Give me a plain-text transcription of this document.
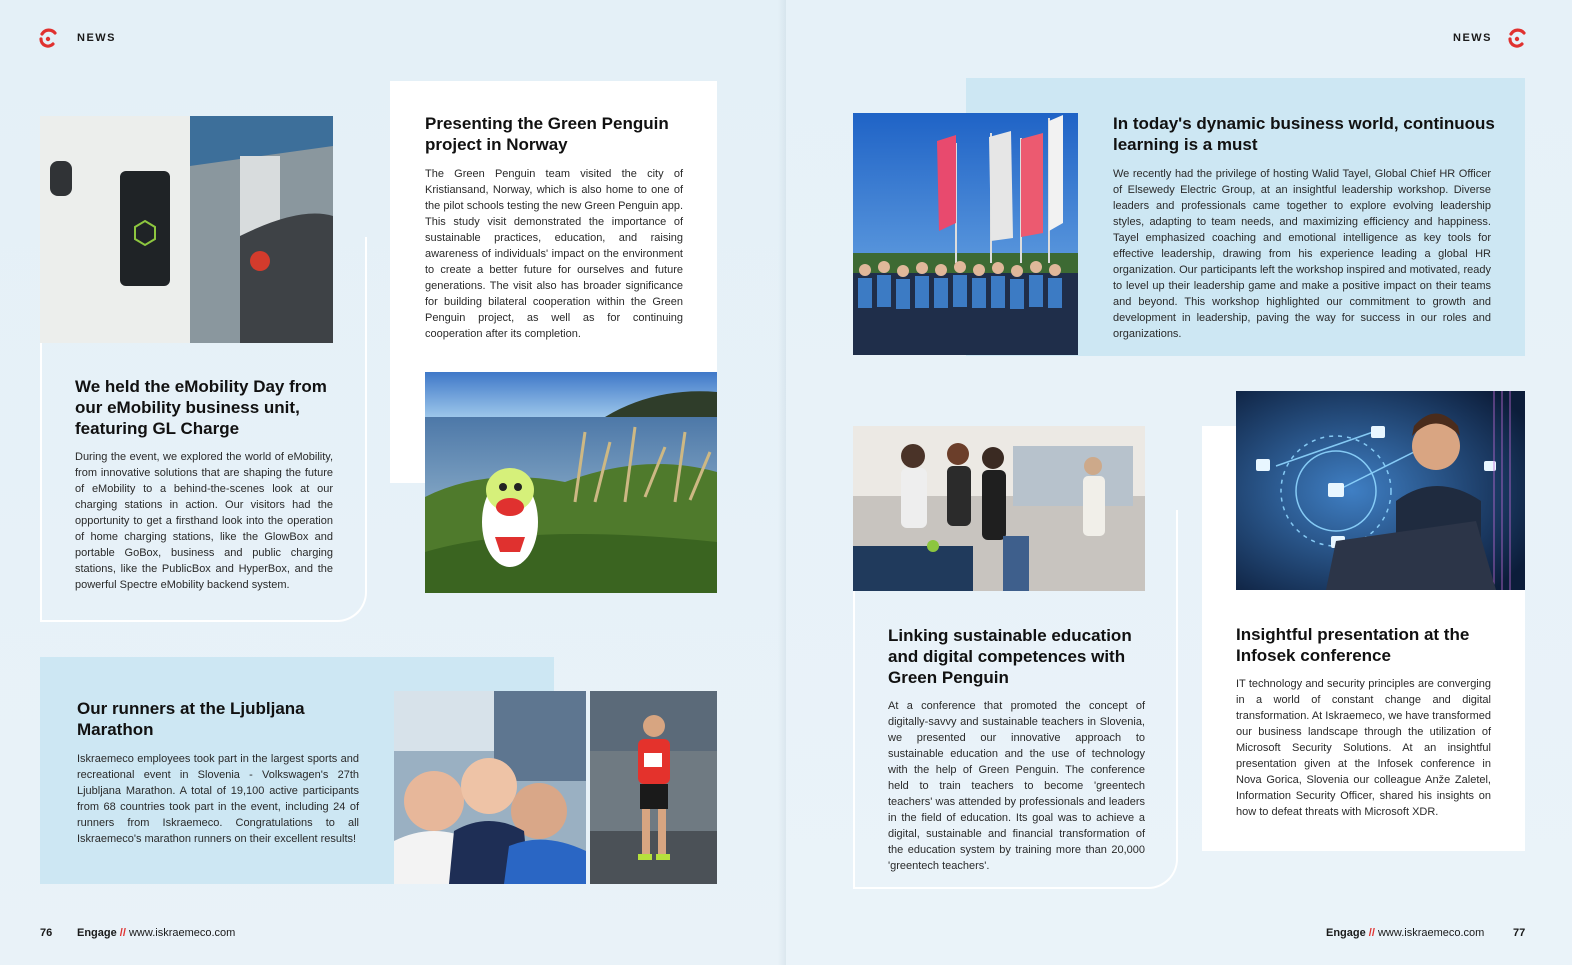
NEWS
Presenting the Green Penguin project in Norway
The Green Penguin team visited the city of Kristiansand, Norway, which is also home to one of the pilot schools testing the new Green Penguin app. This study visit demonstrated the importance of sustainable practices, education, and raising awareness of individuals' impact on the environment to create a better future for ourselves and future generations. The visit also has broader significance for building bilateral cooperation within the Green Penguin project, as well as for continuing cooperation after its completion.
We held the eMobility Day from our eMobility business unit, featuring GL Charge
During the event, we explored the world of eMobility, from innovative solutions that are shaping the future of eMobility to a behind-the-scenes look at our charging stations in action. Our visitors had the opportunity to get a firsthand look into the operation of home charging stations, like the GlowBox and portable GoBox, business and public charging stations, like the PublicBox and HyperBox, and the powerful Spectre eMobility backend system.
Our runners at the Ljubljana Marathon
Iskraemeco employees took part in the largest sports and recreational event in Slovenia - Volkswagen's 27th Ljubljana Marathon. A total of 19,100 active participants from 68 countries took part in the event, including 24 of runners from Iskraemeco. Congratulations to all Iskraemeco's marathon runners on their excellent results!
76 Engage // www.iskraemeco.com
NEWS
In today's dynamic business world, continuous learning is a must
We recently had the privilege of hosting Walid Tayel, Global Chief HR Officer of Elsewedy Electric Group, at an insightful leadership workshop. Diverse leaders and professionals came together to explore evolving leadership styles, adapting to team needs, and maximizing efficiency and happiness. Tayel emphasized coaching and emotional intelligence as key tools for effective leadership, drawing from his experience leading a global HR organization. Our participants left the workshop inspired and motivated, ready to level up their leadership game and make a positive impact on their teams and beyond. This workshop highlighted our commitment to growth and development in leadership, paving the way for success in our roles and organizations.
Linking sustainable education and digital competences with Green Penguin
At a conference that promoted the concept of digitally-savvy and sustainable teachers in Slovenia, we presented our innovative approach to sustainable education and the use of technology with the help of Green Penguin. The conference held to train teachers to become 'greentech teachers' was attended by professionals and leaders in the field of education. Its goal was to achieve a digital, sustainable and financial transformation of the education system by training more than 20,000 'greentech teachers'.
Insightful presentation at the Infosek conference
IT technology and security principles are converging in a world of constant change and digital transformation. At Iskraemeco, we have transformed our business landscape through the utilization of Microsoft Security Solutions. At an insightful presentation given at the Infosek conference in Nova Gorica, Slovenia our colleague Anže Zaletel, Information Security Officer, shared his insights on how to defeat threats with Microsoft XDR.
Engage // www.iskraemeco.com	77
